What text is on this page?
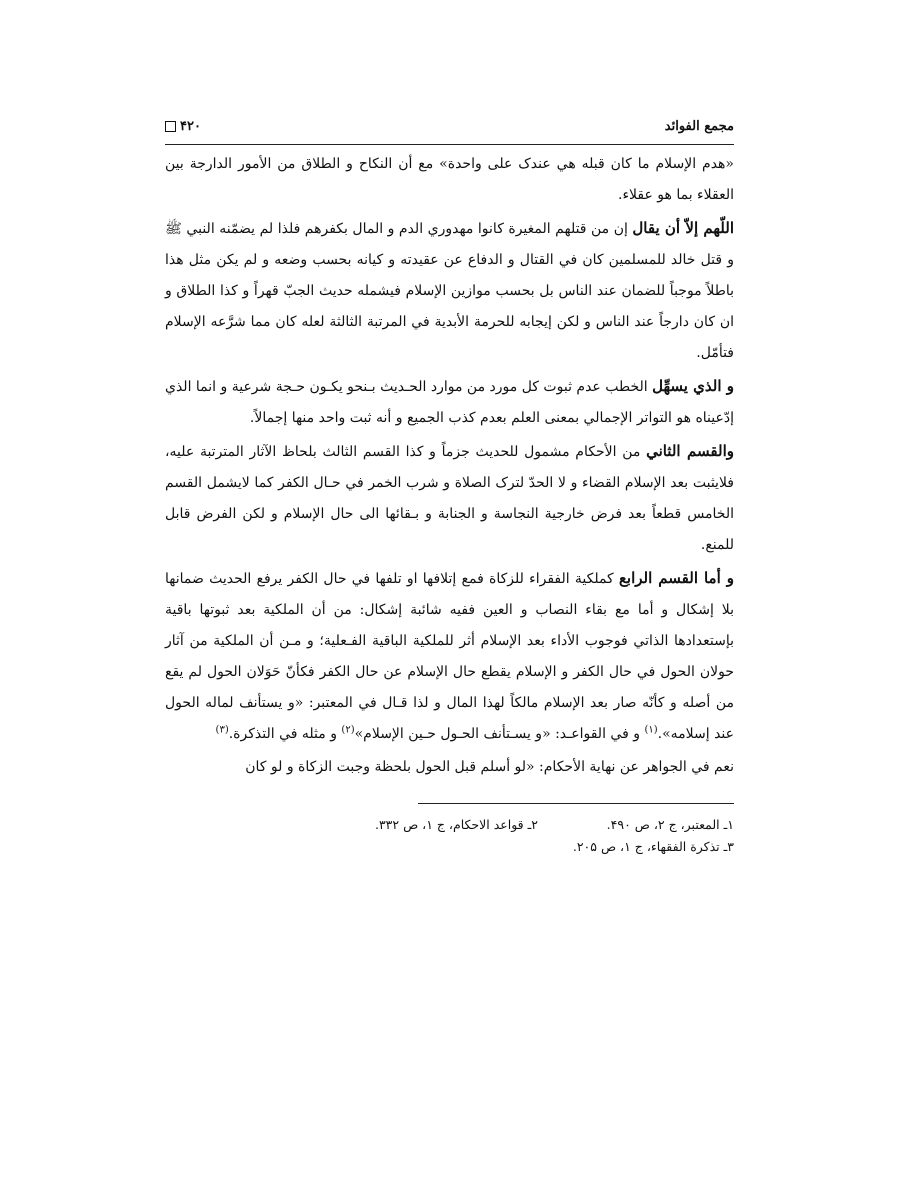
مجمع الفوائد
۴۲۰

«هدم الإسلام ما كان قبله هي عندک علی واحدة» مع أن النكاح و الطلاق من الأمور الدارجة بين العقلاء بما هو عقلاء.

اللّهم إلاّ أن يقال إن من قتلهم المغيرة كانوا مهدوري الدم و المال بكفرهم فلذا لم يضمّنه النبي ﷺ و قتل خالد للمسلمين كان في القتال و الدفاع عن عقيدته و كيانه بحسب وضعه و لم يكن مثل هذا باطلاً موجباً للضمان عند الناس بل بحسب موازين الإسلام فيشمله حديث الجبّ قهراً و كذا الطلاق و ان كان دارجاً عند الناس و لكن إيجابه للحرمة الأبدية في المرتبة الثالثة لعله كان مما شرَّعه الإسلام فتأمّل.

و الذي يسهِّل الخطب عدم ثبوت كل مورد من موارد الحـديث بـنحو يكـون حـجة شرعية و انما الذي إدّعيناه هو التواتر الإجمالي بمعنی العلم بعدم كذب الجميع و أنه ثبت واحد منها إجمالاً.

والقسم الثاني من الأحكام مشمول للحديث جزماً و كذا القسم الثالث بلحاظ الآثار المترتبة عليه، فلايثبت بعد الإسلام القضاء و لا الحدّ لترک الصلاة و شرب الخمر في حـال الكفر كما لايشمل القسم الخامس قطعاً بعد فرض خارجية النجاسة و الجنابة و بـقائها الی حال الإسلام و لكن الفرض قابل للمنع.

و أما القسم الرابع كملكية الفقراء للزكاة فمع إتلافها او تلفها في حال الكفر يرفع الحديث ضمانها بلا إشكال و أما مع بقاء النصاب و العين ففيه شائبة إشكال: من أن الملكية بعد ثبوتها باقية بإستعدادها الذاتي فوجوب الأداء بعد الإسلام أثر للملكية الباقية الفـعلية؛ و مـن أن الملكية من آثار حولان الحول في حال الكفر و الإسلام يقطع حال الإسلام عن حال الكفر فكأنّ حَوَلان الحول لم يقع من أصله و كأنّه صار بعد الإسلام مالكاً لهذا المال و لذا قـال في المعتبر: «و يستأنف لماله الحول عند إسلامه».$^{(۱)}$ و في القواعـد: «و يسـتأنف الحـول حـين الإسلام»$^{(۲)}$ و مثله في التذكرة.$^{(۳)}$

نعم في الجواهر عن نهاية الأحكام: «لو أسلم قبل الحول بلحظة وجبت الزكاة و لو كان

۱ـ المعتبر، ج ۲، ص ۴۹۰.
۲ـ قواعد الاحكام، ج ۱، ص ۳۳۲.
۳ـ تذكرة الفقهاء، ج ۱، ص ۲۰۵.
